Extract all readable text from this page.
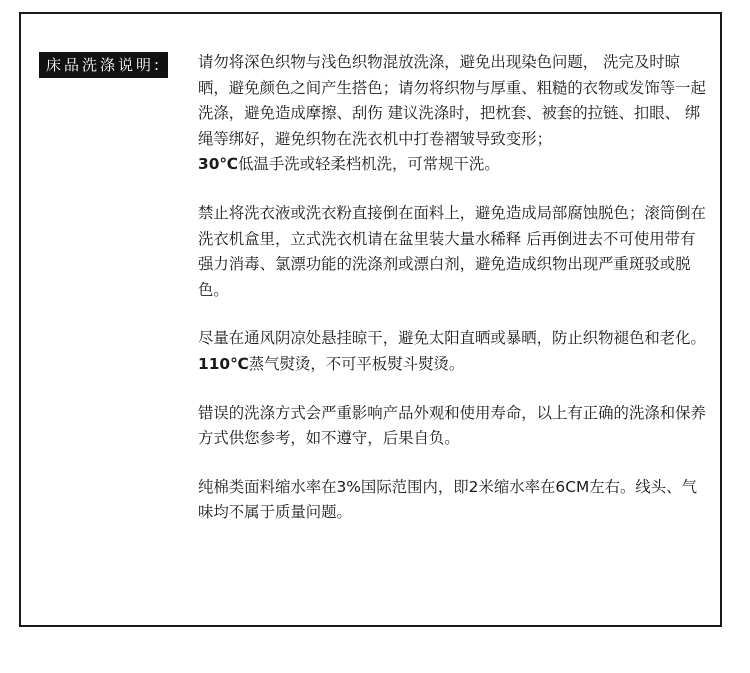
床品洗涤说明:	请勿将深色织物与浅色织物混放洗涤，避免出现染色问题， 洗完及时晾晒，避免颜色之间产生搭色；请勿将织物与厚重、粗糙的衣物或发饰等一起洗涤，避免造成摩擦、刮伤 建议洗涤时，把枕套、被套的拉链、扣眼、 绑绳等绑好，避免织物在洗衣机中打卷褶皱导致变形；

30℃低温手洗或轻柔档机洗，可常规干洗。

禁止将洗衣液或洗衣粉直接倒在面料上，避免造成局部腐蚀脱色；滚筒倒在洗衣机盒里，立式洗衣机请在盆里装大量水稀释 后再倒进去不可使用带有强力消毒、氯漂功能的洗涤剂或漂白剂，避免造成织物出现严重斑驳或脱色。

尽量在通风阴凉处悬挂晾干，避免太阳直晒或暴晒，防止织物褪色和老化。

110℃蒸气熨烫，不可平板熨斗熨烫。

错误的洗涤方式会严重影响产品外观和使用寿命，以上有正确的洗涤和保养方式供您参考，如不遵守，后果自负。

纯棉类面料缩水率在3%国际范围内，即2米缩水率在6CM左右。线头、气味均不属于质量问题。
